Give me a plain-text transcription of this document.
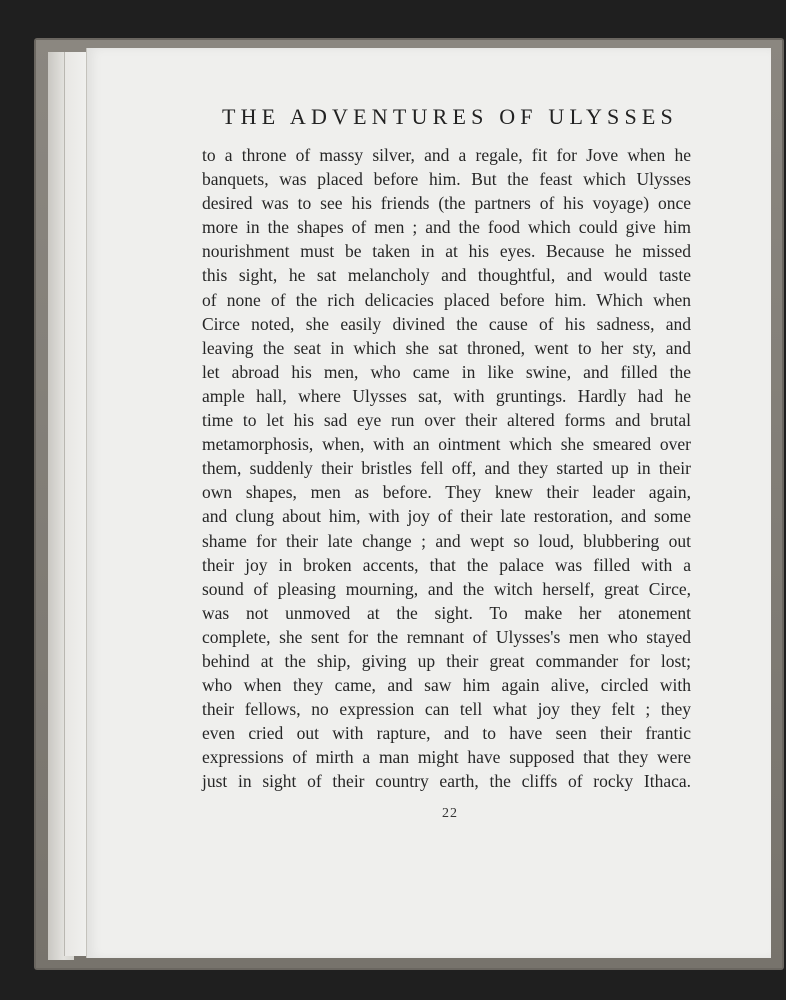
THE ADVENTURES OF ULYSSES
to a throne of massy silver, and a regale, fit for Jove when he
banquets, was placed before him. But the feast which Ulysses
desired was to see his friends (the partners of his voyage) once
more in the shapes of men ; and the food which could give him
nourishment must be taken in at his eyes. Because he missed
this sight, he sat melancholy and thoughtful, and would taste
of none of the rich delicacies placed before him. Which when
Circe noted, she easily divined the cause of his sadness, and
leaving the seat in which she sat throned, went to her sty, and
let abroad his men, who came in like swine, and filled the
ample hall, where Ulysses sat, with gruntings. Hardly had he
time to let his sad eye run over their altered forms and brutal
metamorphosis, when, with an ointment which she smeared over
them, suddenly their bristles fell off, and they started up in their
own shapes, men as before. They knew their leader again,
and clung about him, with joy of their late restoration, and some
shame for their late change ; and wept so loud, blubbering out
their joy in broken accents, that the palace was filled with a
sound of pleasing mourning, and the witch herself, great Circe,
was not unmoved at the sight. To make her atonement
complete, she sent for the remnant of Ulysses's men who stayed
behind at the ship, giving up their great commander for lost;
who when they came, and saw him again alive, circled with
their fellows, no expression can tell what joy they felt ; they
even cried out with rapture, and to have seen their frantic
expressions of mirth a man might have supposed that they were
just in sight of their country earth, the cliffs of rocky Ithaca.
22
